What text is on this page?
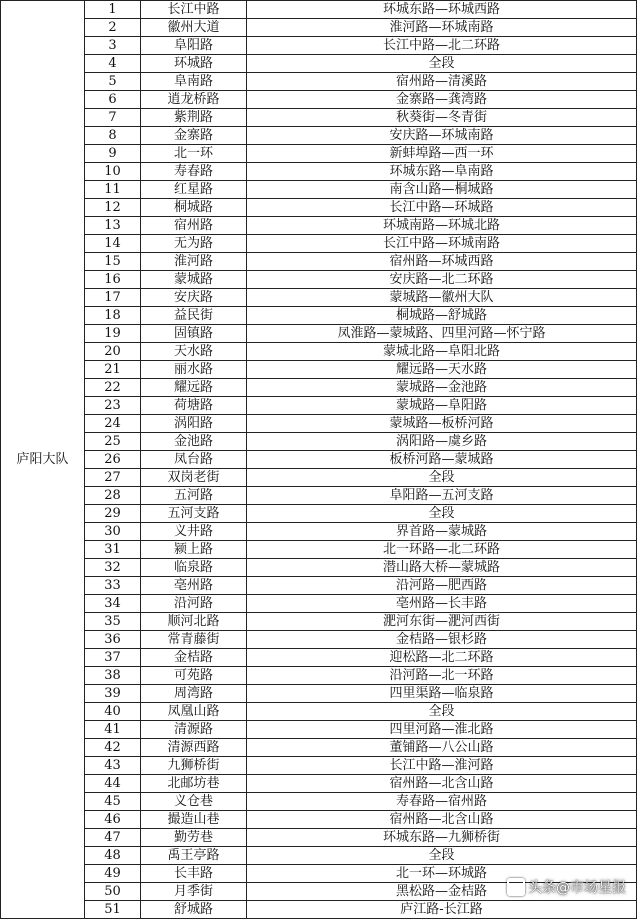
庐阳大队	1	长江中路	环城东路—环城西路
	2	徽州大道	淮河路—环城南路
	3	阜阳路	长江中路—北二环路
	4	环城路	全段
	5	阜南路	宿州路—清溪路
	6	逍龙桥路	金寨路—龚湾路
	7	紫荆路	秋葵街—冬青街
	8	金寨路	安庆路—环城南路
	9	北一环	新蚌埠路—西一环
	10	寿春路	环城东路—阜南路
	11	红星路	南含山路—桐城路
	12	桐城路	长江中路—环城路
	13	宿州路	环城南路—环城北路
	14	无为路	长江中路—环城南路
	15	淮河路	宿州路—环城西路
	16	蒙城路	安庆路—北二环路
	17	安庆路	蒙城路—徽州大队
	18	益民街	桐城路—舒城路
	19	固镇路	凤淮路—蒙城路、四里河路—怀宁路
	20	天水路	蒙城北路—阜阳北路
	21	丽水路	耀远路—天水路
	22	耀远路	蒙城路—金池路
	23	荷塘路	蒙城路—阜阳路
	24	涡阳路	蒙城路—板桥河路
	25	金池路	涡阳路—虞乡路
	26	凤台路	板桥河路—蒙城路
	27	双岗老街	全段
	28	五河路	阜阳路—五河支路
	29	五河支路	全段
	30	义井路	界首路—蒙城路
	31	颍上路	北一环路—北二环路
	32	临泉路	潜山路大桥—蒙城路
	33	亳州路	沿河路—肥西路
	34	沿河路	亳州路—长丰路
	35	顺河北路	淝河东街—淝河西街
	36	常青藤街	金桔路—银杉路
	37	金桔路	迎松路—北二环路
	38	可苑路	沿河路—北一环路
	39	周湾路	四里渠路—临泉路
	40	凤凰山路	全段
	41	清源路	四里河路—淮北路
	42	清源西路	董铺路—八公山路
	43	九狮桥街	长江中路—淮河路
	44	北邮坊巷	宿州路—北含山路
	45	义仓巷	寿春路—宿州路
	46	撮造山巷	宿州路—北含山路
	47	勤劳巷	环城东路—九狮桥街
	48	禹王亭路	全段
	49	长丰路	北一环—环城路
	50	月季街	黑松路—金桔路
	51	舒城路	庐江路-长江路
头条@市场星报
